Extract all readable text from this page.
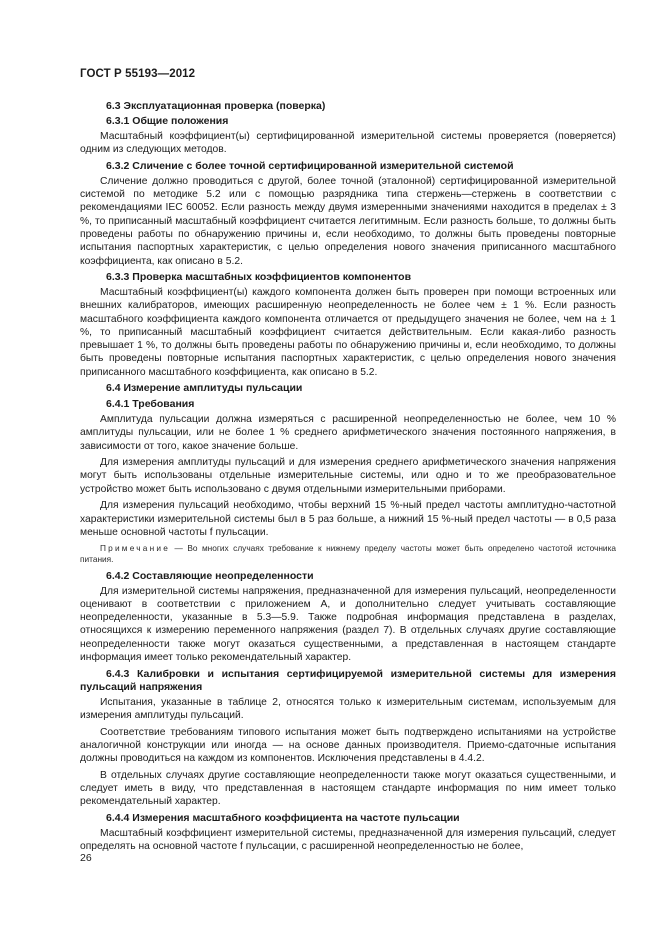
ГОСТ Р 55193—2012
6.3 Эксплуатационная проверка (поверка)
6.3.1 Общие положения

Масштабный коэффициент(ы) сертифицированной измерительной системы проверяется (поверяется) одним из следующих методов.

6.3.2 Сличение с более точной сертифицированной измерительной системой

Сличение должно проводиться с другой, более точной (эталонной) сертифицированной измерительной системой по методике 5.2 или с помощью разрядника типа стержень—стержень в соответствии с рекомендациями IEC 60052. Если разность между двумя измеренными значениями находится в пределах ± 3 %, то приписанный масштабный коэффициент считается легитимным. Если разность больше, то должны быть проведены работы по обнаружению причины и, если необходимо, то должны быть проведены повторные испытания паспортных характеристик, с целью определения нового значения приписанного масштабного коэффициента, как описано в 5.2.

6.3.3 Проверка масштабных коэффициентов компонентов

Масштабный коэффициент(ы) каждого компонента должен быть проверен при помощи встроенных или внешних калибраторов, имеющих расширенную неопределенность не более чем ± 1 %. Если разность масштабного коэффициента каждого компонента отличается от предыдущего значения не более, чем на ± 1 %, то приписанный масштабный коэффициент считается действительным. Если какая-либо разность превышает 1 %, то должны быть проведены работы по обнаружению причины и, если необходимо, то должны быть проведены повторные испытания паспортных характеристик, с целью определения нового значения приписанного масштабного коэффициента, как описано в 5.2.

6.4 Измерение амплитуды пульсации
6.4.1 Требования

Амплитуда пульсации должна измеряться с расширенной неопределенностью не более, чем 10 % амплитуды пульсации, или не более 1 % среднего арифметического значения постоянного напряжения, в зависимости от того, какое значение больше.

Для измерения амплитуды пульсаций и для измерения среднего арифметического значения напряжения могут быть использованы отдельные измерительные системы, или одно и то же преобразовательное устройство может быть использовано с двумя отдельными измерительными приборами.

Для измерения пульсаций необходимо, чтобы верхний 15 %-ный предел частоты амплитудно-частотной характеристики измерительной системы был в 5 раз больше, а нижний 15 %-ный предел частоты — в 0,5 раза меньше основной частоты f пульсации.

Примечание — Во многих случаях требование к нижнему пределу частоты может быть определено частотой источника питания.
6.4.2 Составляющие неопределенности

Для измерительной системы напряжения, предназначенной для измерения пульсаций, неопределенности оценивают в соответствии с приложением А, и дополнительно следует учитывать составляющие неопределенности, указанные в 5.3—5.9. Также подробная информация представлена в разделах, относящихся к измерению переменного напряжения (раздел 7). В отдельных случаях другие составляющие неопределенности также могут оказаться существенными, а представленная в настоящем стандарте информация имеет только рекомендательный характер.

6.4.3 Калибровки и испытания сертифицируемой измерительной системы для измерения пульсаций напряжения

Испытания, указанные в таблице 2, относятся только к измерительным системам, используемым для измерения амплитуды пульсаций.

Соответствие требованиям типового испытания может быть подтверждено испытаниями на устройстве аналогичной конструкции или иногда — на основе данных производителя. Приемо-сдаточные испытания должны проводиться на каждом из компонентов. Исключения представлены в 4.4.2.

В отдельных случаях другие составляющие неопределенности также могут оказаться существенными, и следует иметь в виду, что представленная в настоящем стандарте информация по ним имеет только рекомендательный характер.

6.4.4 Измерения масштабного коэффициента на частоте пульсации

Масштабный коэффициент измерительной системы, предназначенной для измерения пульсаций, следует определять на основной частоте f пульсации, с расширенной неопределенностью не более,

26
